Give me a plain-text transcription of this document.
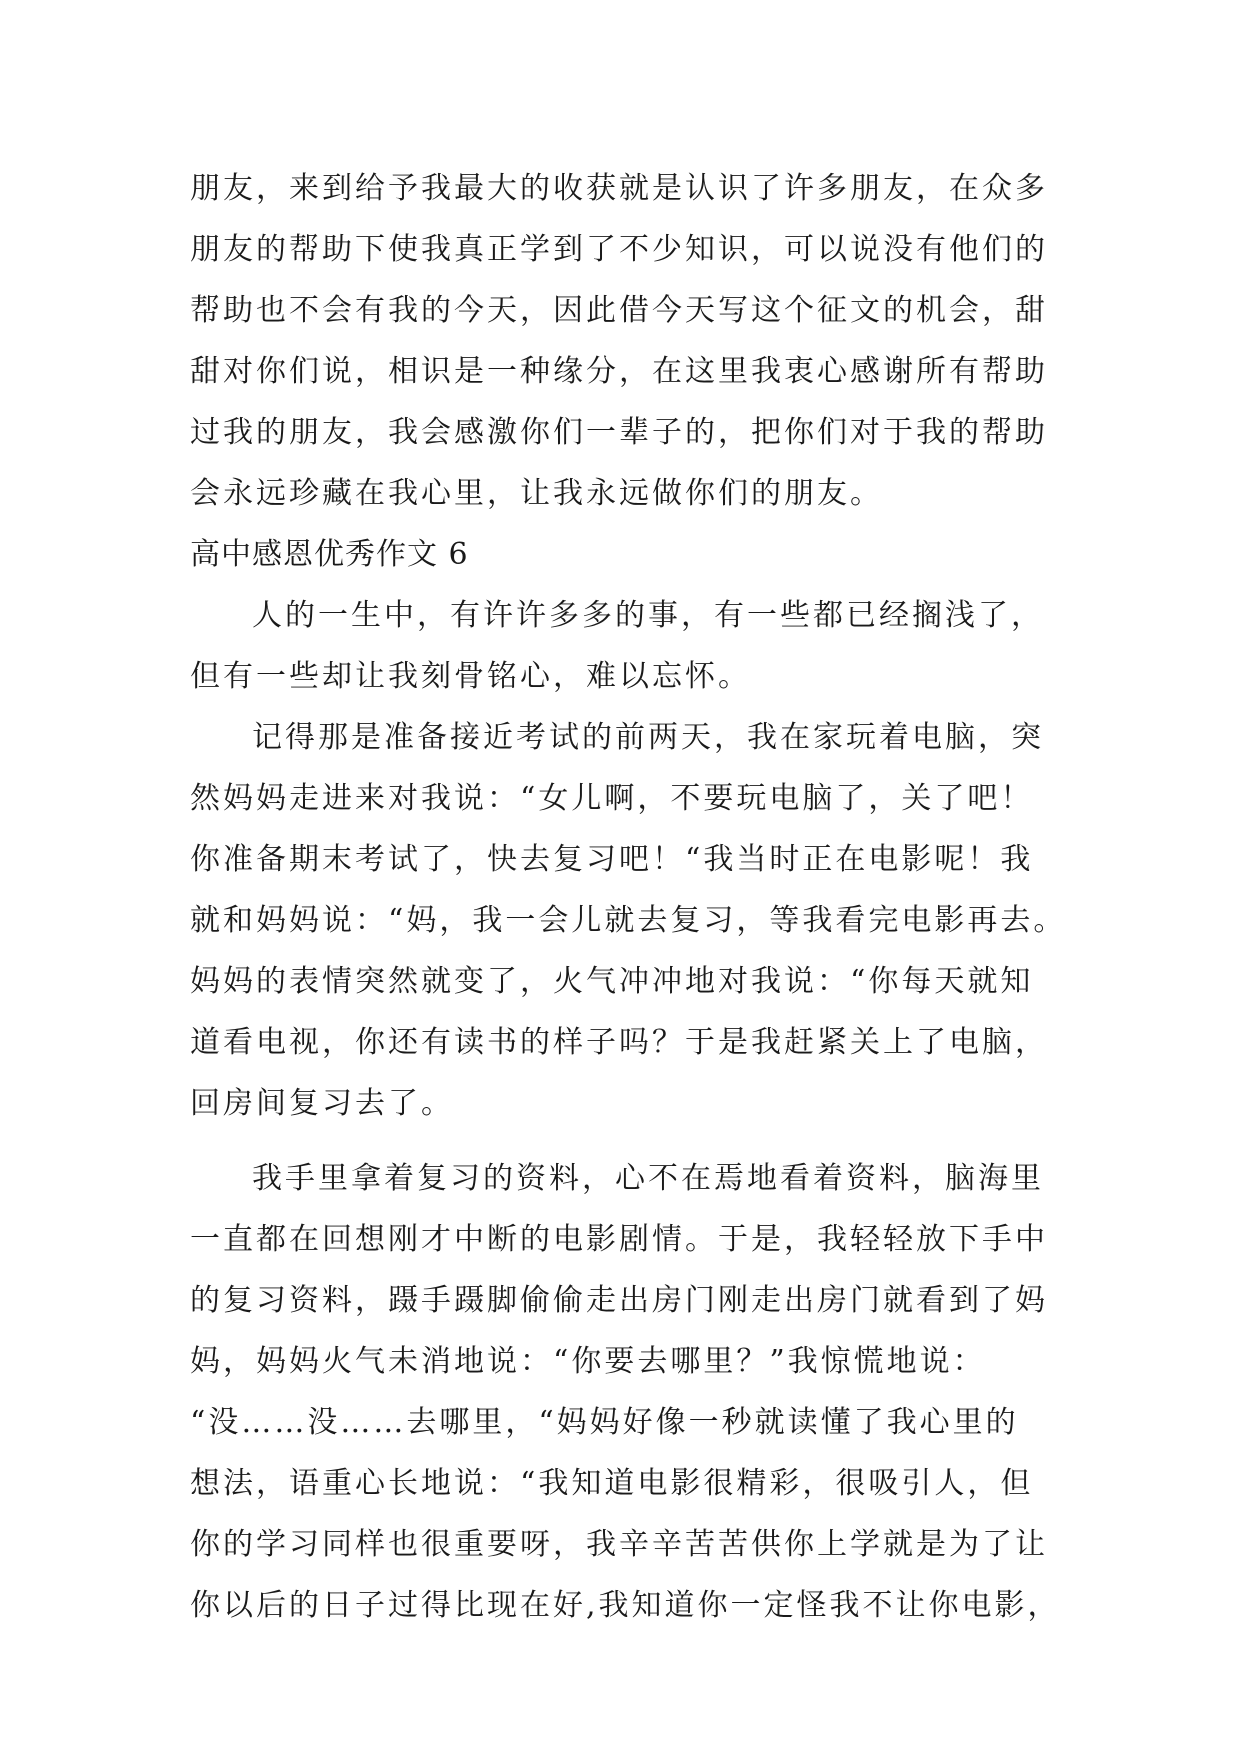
朋友，来到给予我最大的收获就是认识了许多朋友，在众多
朋友的帮助下使我真正学到了不少知识，可以说没有他们的
帮助也不会有我的今天，因此借今天写这个征文的机会，甜
甜对你们说，相识是一种缘分，在这里我衷心感谢所有帮助
过我的朋友，我会感激你们一辈子的，把你们对于我的帮助
会永远珍藏在我心里，让我永远做你们的朋友。
高中感恩优秀作文 6
人的一生中，有许许多多的事，有一些都已经搁浅了，
但有一些却让我刻骨铭心，难以忘怀。
记得那是准备接近考试的前两天，我在家玩着电脑，突
然妈妈走进来对我说：“女儿啊，不要玩电脑了，关了吧！
你准备期末考试了，快去复习吧！“我当时正在电影呢！我
就和妈妈说：“妈，我一会儿就去复习，等我看完电影再去。
妈妈的表情突然就变了，火气冲冲地对我说：“你每天就知
道看电视，你还有读书的样子吗？于是我赶紧关上了电脑，
回房间复习去了。
我手里拿着复习的资料，心不在焉地看着资料，脑海里
一直都在回想刚才中断的电影剧情。于是，我轻轻放下手中
的复习资料，蹑手蹑脚偷偷走出房门刚走出房门就看到了妈
妈，妈妈火气未消地说：“你要去哪里？”我惊慌地说：
“没……没……去哪里，“妈妈好像一秒就读懂了我心里的
想法，语重心长地说：“我知道电影很精彩，很吸引人，但
你的学习同样也很重要呀，我辛辛苦苦供你上学就是为了让
你以后的日子过得比现在好,我知道你一定怪我不让你电影，
